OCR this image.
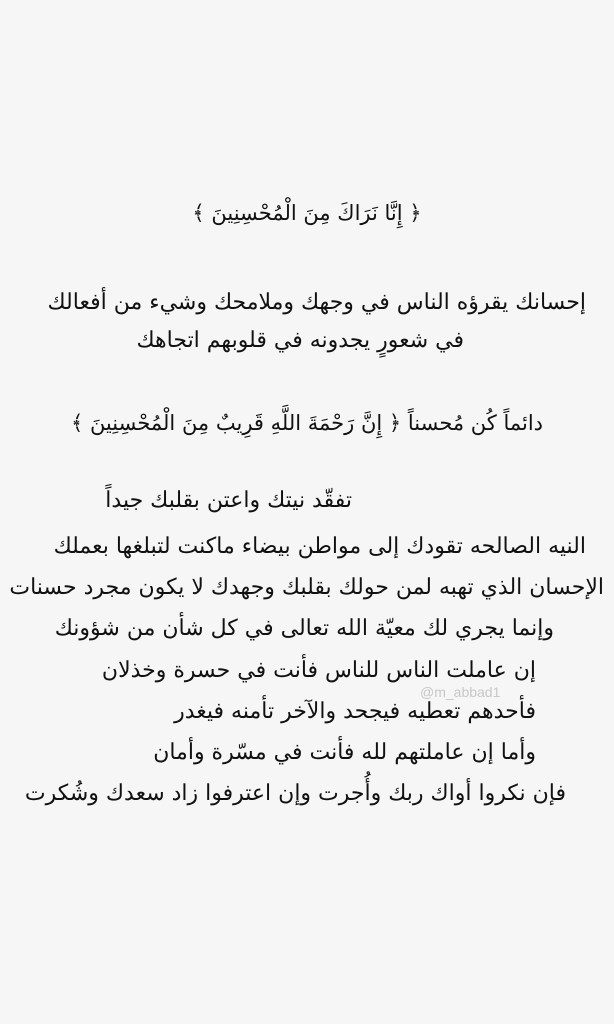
﴿ إِنَّا نَرَاكَ مِنَ الْمُحْسِنِينَ ﴾
إحسانك يقرؤه الناس في وجهك وملامحك وشيء من أفعالك
في شعورٍ يجدونه في قلوبهم اتجاهك
دائماً كُن مُحسناً ﴿ إِنَّ رَحْمَةَ اللَّهِ قَرِيبٌ مِنَ الْمُحْسِنِينَ ﴾
تفقّد نيتك واعتن بقلبك جيداً
النيه الصالحه تقودك إلى مواطن بيضاء ماكنت لتبلغها بعملك
الإحسان الذي تهبه لمن حولك بقلبك وجهدك لا يكون مجرد حسنات
وإنما يجري لك معيّة الله تعالى في كل شأن من شؤونك
إن عاملت الناس للناس فأنت في حسرة وخذلان
فأحدهم تعطيه فيجحد والآخر تأمنه فيغدر
وأما إن عاملتهم لله فأنت في مسّرة وأمان
فإن نكروا أواك ربك وأُجرت وإن اعترفوا زاد سعدك وشُكرت
@m_abbad1
